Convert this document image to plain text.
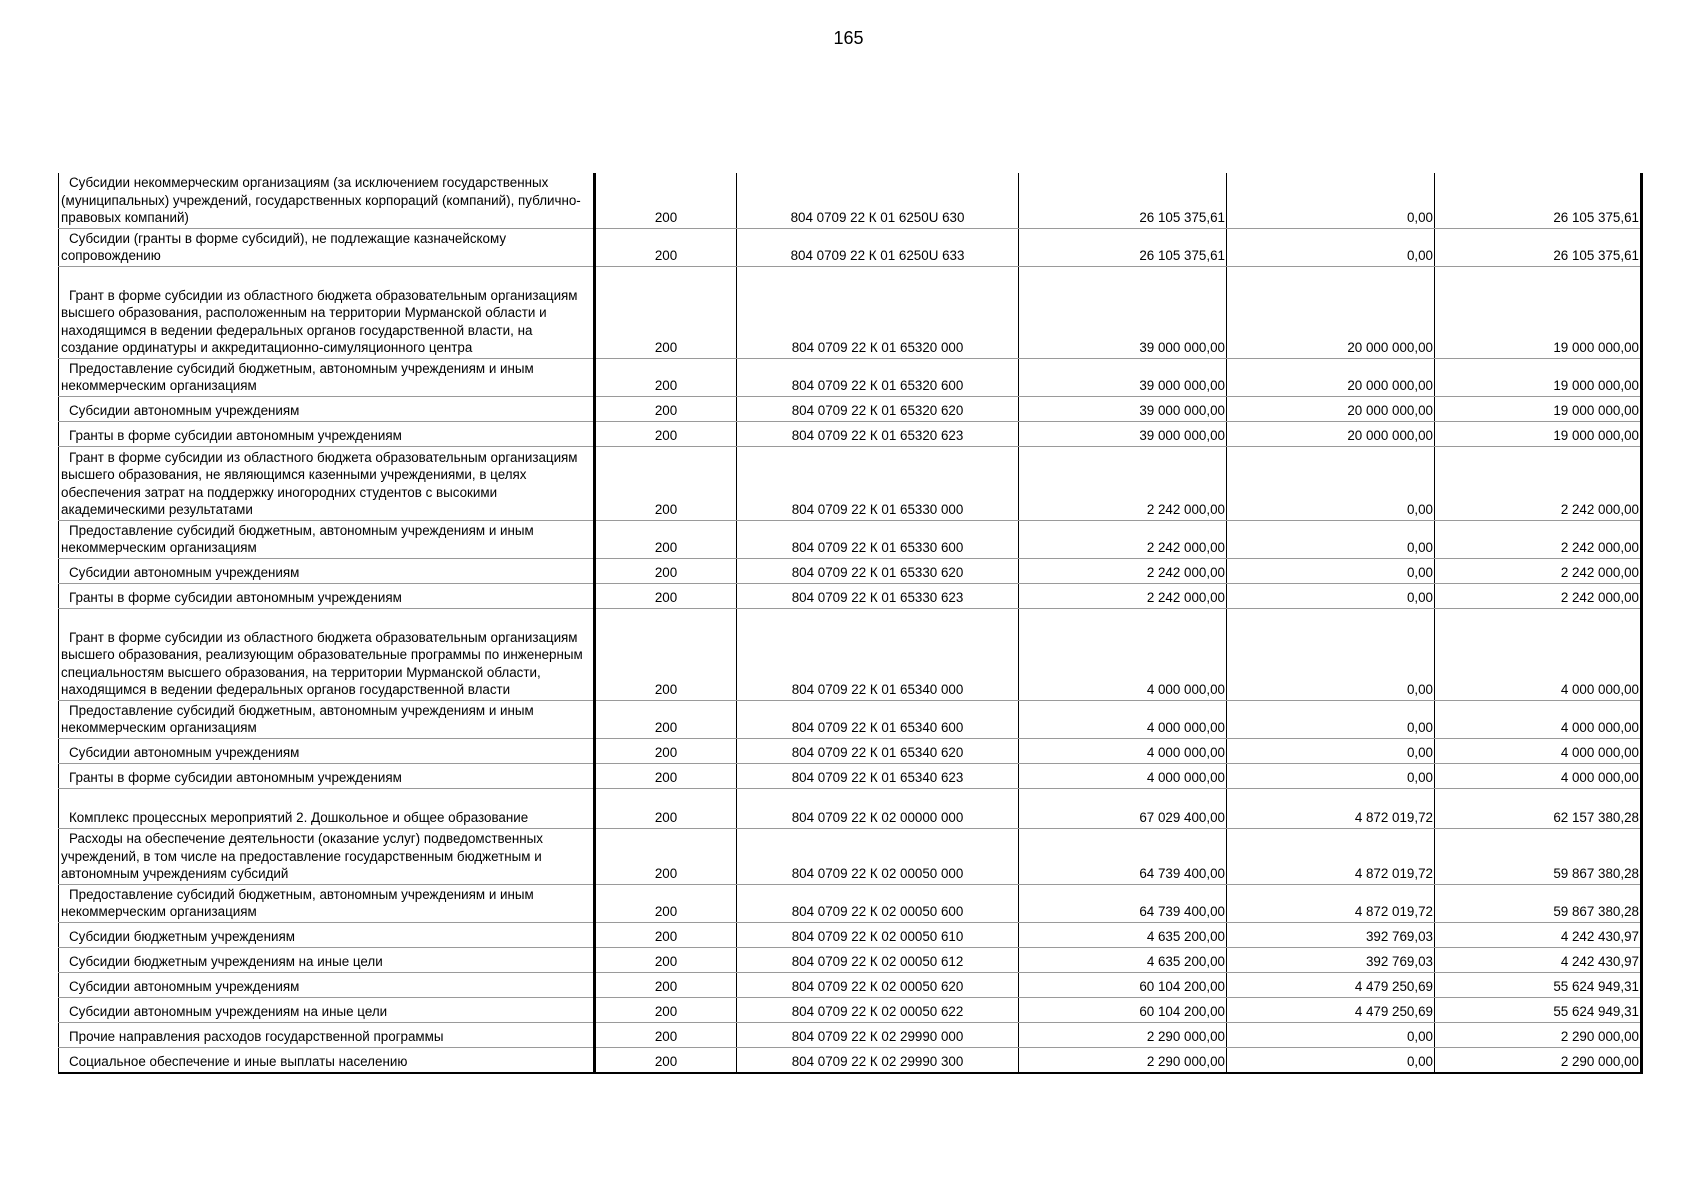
165
Субсидии некоммерческим организациям (за исключением государственных (муниципальных) учреждений, государственных корпораций (компаний), публично-правовых компаний)	200	804 0709 22 К 01 6250U 630	26 105 375,61	0,00	26 105 375,61
Субсидии (гранты в форме субсидий), не подлежащие казначейскому сопровождению	200	804 0709 22 К 01 6250U 633	26 105 375,61	0,00	26 105 375,61
Грант в форме субсидии из областного бюджета образовательным организациям высшего образования, расположенным на территории Мурманской области и находящимся в ведении федеральных органов государственной власти, на создание ординатуры и аккредитационно-симуляционного центра	200	804 0709 22 К 01 65320 000	39 000 000,00	20 000 000,00	19 000 000,00
Предоставление субсидий бюджетным, автономным учреждениям и иным некоммерческим организациям	200	804 0709 22 К 01 65320 600	39 000 000,00	20 000 000,00	19 000 000,00
Субсидии автономным учреждениям	200	804 0709 22 К 01 65320 620	39 000 000,00	20 000 000,00	19 000 000,00
Гранты в форме субсидии автономным учреждениям	200	804 0709 22 К 01 65320 623	39 000 000,00	20 000 000,00	19 000 000,00
Грант в форме субсидии из областного бюджета образовательным организациям высшего образования, не являющимся казенными учреждениями, в целях обеспечения затрат на поддержку иногородних студентов с высокими академическими результатами	200	804 0709 22 К 01 65330 000	2 242 000,00	0,00	2 242 000,00
Предоставление субсидий бюджетным, автономным учреждениям и иным некоммерческим организациям	200	804 0709 22 К 01 65330 600	2 242 000,00	0,00	2 242 000,00
Субсидии автономным учреждениям	200	804 0709 22 К 01 65330 620	2 242 000,00	0,00	2 242 000,00
Гранты в форме субсидии автономным учреждениям	200	804 0709 22 К 01 65330 623	2 242 000,00	0,00	2 242 000,00
Грант в форме субсидии из областного бюджета образовательным организациям высшего образования, реализующим образовательные программы по инженерным специальностям высшего образования, на территории Мурманской области, находящимся в ведении федеральных органов государственной власти	200	804 0709 22 К 01 65340 000	4 000 000,00	0,00	4 000 000,00
Предоставление субсидий бюджетным, автономным учреждениям и иным некоммерческим организациям	200	804 0709 22 К 01 65340 600	4 000 000,00	0,00	4 000 000,00
Субсидии автономным учреждениям	200	804 0709 22 К 01 65340 620	4 000 000,00	0,00	4 000 000,00
Гранты в форме субсидии автономным учреждениям	200	804 0709 22 К 01 65340 623	4 000 000,00	0,00	4 000 000,00
Комплекс процессных мероприятий 2. Дошкольное и общее образование	200	804 0709 22 К 02 00000 000	67 029 400,00	4 872 019,72	62 157 380,28
Расходы на обеспечение деятельности (оказание услуг) подведомственных учреждений, в том числе на предоставление государственным бюджетным и автономным учреждениям субсидий	200	804 0709 22 К 02 00050 000	64 739 400,00	4 872 019,72	59 867 380,28
Предоставление субсидий бюджетным, автономным учреждениям и иным некоммерческим организациям	200	804 0709 22 К 02 00050 600	64 739 400,00	4 872 019,72	59 867 380,28
Субсидии бюджетным учреждениям	200	804 0709 22 К 02 00050 610	4 635 200,00	392 769,03	4 242 430,97
Субсидии бюджетным учреждениям на иные цели	200	804 0709 22 К 02 00050 612	4 635 200,00	392 769,03	4 242 430,97
Субсидии автономным учреждениям	200	804 0709 22 К 02 00050 620	60 104 200,00	4 479 250,69	55 624 949,31
Субсидии автономным учреждениям на иные цели	200	804 0709 22 К 02 00050 622	60 104 200,00	4 479 250,69	55 624 949,31
Прочие направления расходов государственной программы	200	804 0709 22 К 02 29990 000	2 290 000,00	0,00	2 290 000,00
Социальное обеспечение и иные выплаты населению	200	804 0709 22 К 02 29990 300	2 290 000,00	0,00	2 290 000,00
